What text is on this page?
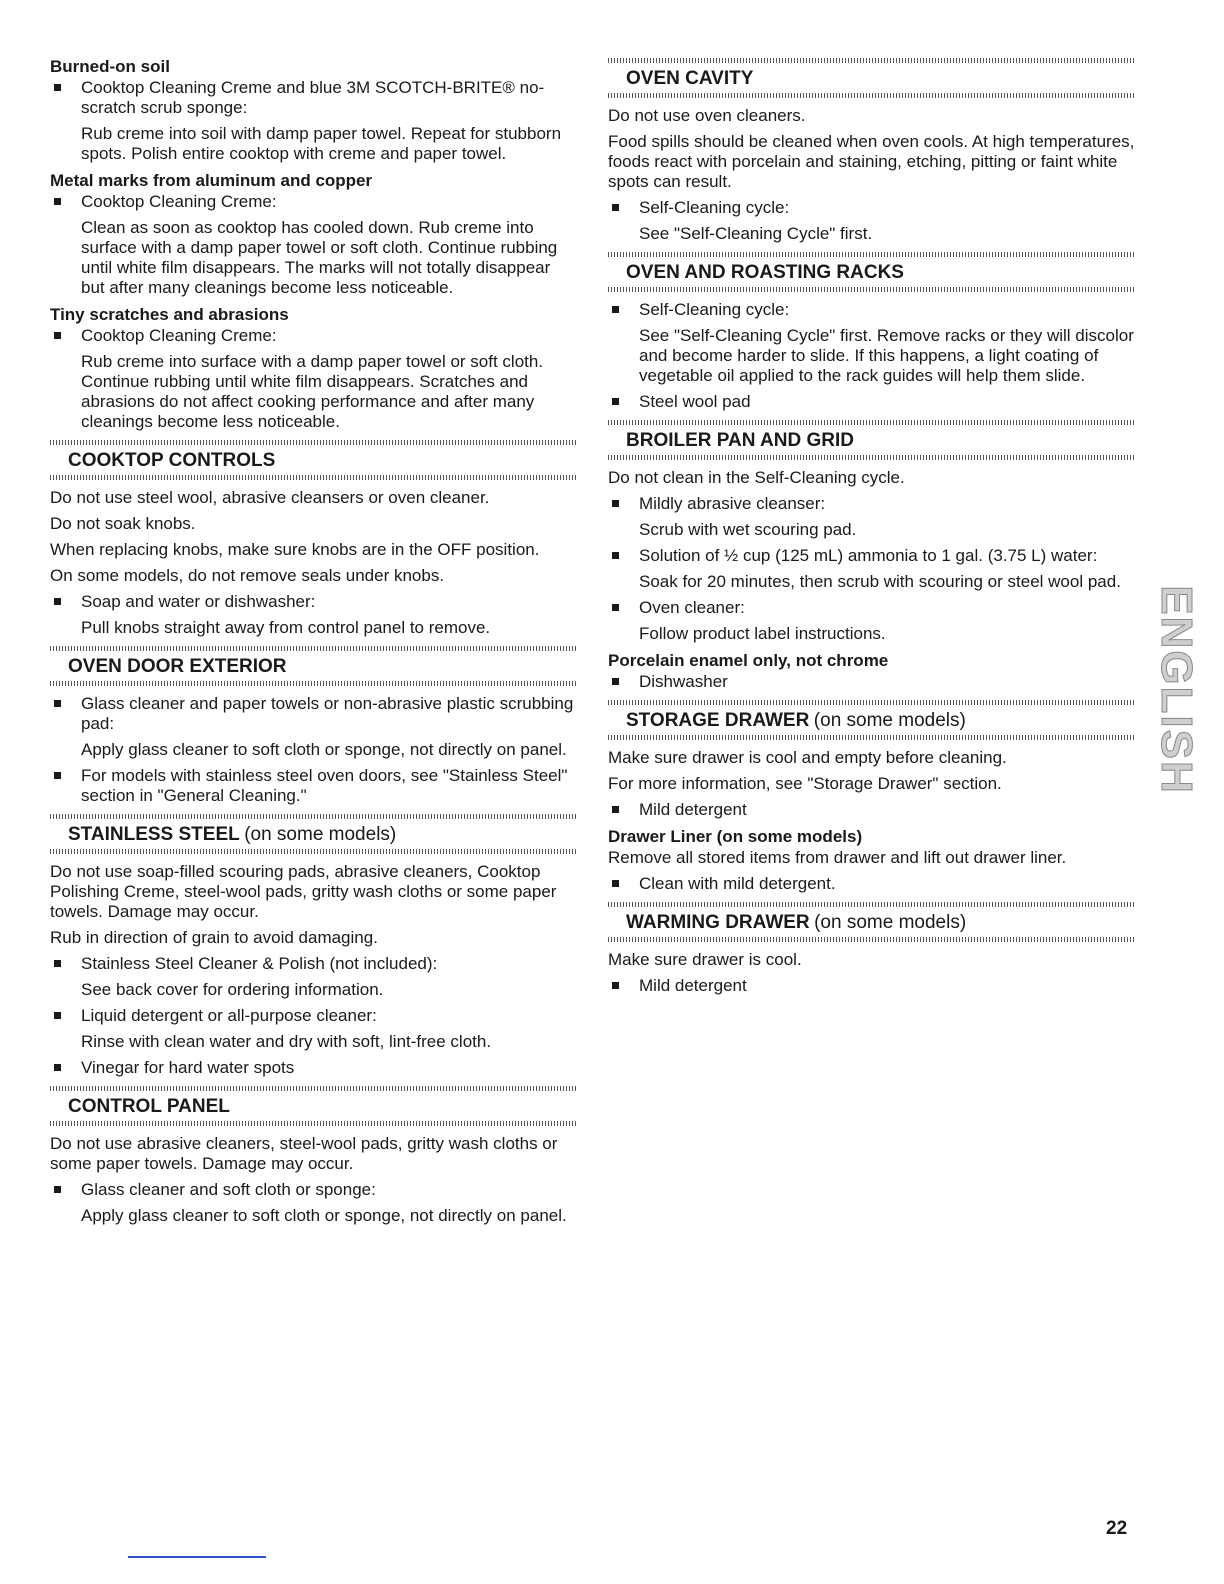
Burned-on soil

Cooktop Cleaning Creme and blue 3M SCOTCH-BRITE® no-scratch scrub sponge:

Rub creme into soil with damp paper towel. Repeat for stubborn spots. Polish entire cooktop with creme and paper towel.

Metal marks from aluminum and copper

Cooktop Cleaning Creme:

Clean as soon as cooktop has cooled down. Rub creme into surface with a damp paper towel or soft cloth. Continue rubbing until white film disappears. The marks will not totally disappear but after many cleanings become less noticeable.

Tiny scratches and abrasions

Cooktop Cleaning Creme:

Rub creme into surface with a damp paper towel or soft cloth. Continue rubbing until white film disappears. Scratches and abrasions do not affect cooking performance and after many cleanings become less noticeable.

COOKTOP CONTROLS

Do not use steel wool, abrasive cleansers or oven cleaner.

Do not soak knobs.

When replacing knobs, make sure knobs are in the OFF position.

On some models, do not remove seals under knobs.

Soap and water or dishwasher:

Pull knobs straight away from control panel to remove.

OVEN DOOR EXTERIOR

Glass cleaner and paper towels or non-abrasive plastic scrubbing pad:

Apply glass cleaner to soft cloth or sponge, not directly on panel.

For models with stainless steel oven doors, see "Stainless Steel" section in "General Cleaning."

STAINLESS STEEL (on some models)

Do not use soap-filled scouring pads, abrasive cleaners, Cooktop Polishing Creme, steel-wool pads, gritty wash cloths or some paper towels. Damage may occur.

Rub in direction of grain to avoid damaging.

Stainless Steel Cleaner & Polish (not included):

See back cover for ordering information.

Liquid detergent or all-purpose cleaner:

Rinse with clean water and dry with soft, lint-free cloth.

Vinegar for hard water spots

CONTROL PANEL

Do not use abrasive cleaners, steel-wool pads, gritty wash cloths or some paper towels. Damage may occur.

Glass cleaner and soft cloth or sponge:

Apply glass cleaner to soft cloth or sponge, not directly on panel.

OVEN CAVITY

Do not use oven cleaners.

Food spills should be cleaned when oven cools. At high temperatures, foods react with porcelain and staining, etching, pitting or faint white spots can result.

Self-Cleaning cycle:

See "Self-Cleaning Cycle" first.

OVEN AND ROASTING RACKS

Self-Cleaning cycle:

See "Self-Cleaning Cycle" first. Remove racks or they will discolor and become harder to slide. If this happens, a light coating of vegetable oil applied to the rack guides will help them slide.

Steel wool pad

BROILER PAN AND GRID

Do not clean in the Self-Cleaning cycle.

Mildly abrasive cleanser:

Scrub with wet scouring pad.

Solution of ½ cup (125 mL) ammonia to 1 gal. (3.75 L) water:

Soak for 20 minutes, then scrub with scouring or steel wool pad.

Oven cleaner:

Follow product label instructions.

Porcelain enamel only, not chrome

Dishwasher

STORAGE DRAWER (on some models)

Make sure drawer is cool and empty before cleaning.

For more information, see "Storage Drawer" section.

Mild detergent

Drawer Liner (on some models)

Remove all stored items from drawer and lift out drawer liner.

Clean with mild detergent.

WARMING DRAWER (on some models)

Make sure drawer is cool.

Mild detergent

ENGLISH
22
